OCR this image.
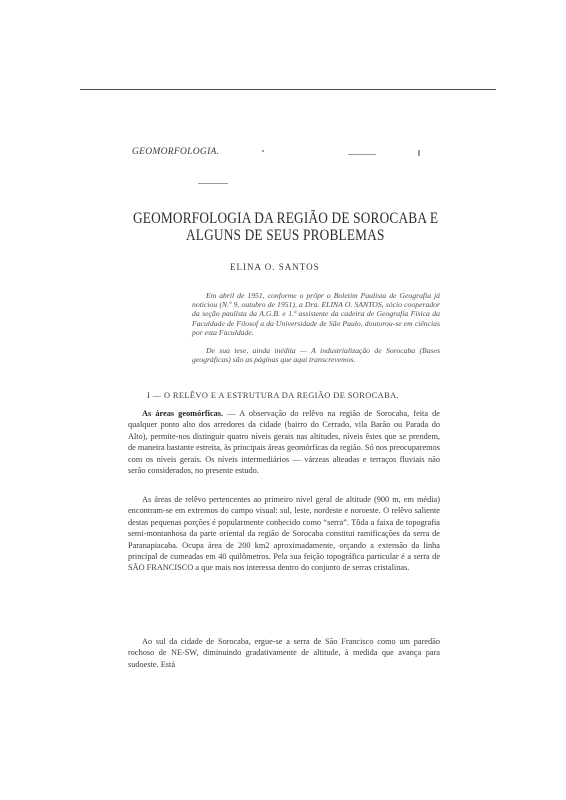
GEOMORFOLOGIA.
GEOMORFOLOGIA DA REGIÃO DE SOROCABA E
ALGUNS DE SEUS PROBLEMAS
ELINA O. SANTOS
Em abril de 1951, conforme o prôpr o Boletim Paulista de Geografia já noticiou (N.º 9, outubro de 1951), a Dra. ELINA O. SANTOS, sócio cooperador da seção paulista da A.G.B. e 1.ª assistente da cadeira de Geografia Física da Faculdade de Filosof a da Universidade de São Paulo, doutorou-se em ciências por esta Faculdade.
De sua tese, ainda inédita — A industrialização de Sorocaba (Bases geográficas) são as páginas que aqui transcrevemos.
I — O RELÊVO E A ESTRUTURA DA REGIÃO DE SOROCABA.
As áreas geomórficas. — A observação do relêvo na região de Sorocaba, feita de qualquer ponto alto dos arredores da cidade (bairro do Cerrado, vila Barão ou Parada do Alto), permite-nos distinguir quatro níveis gerais nas altitudes, níveis êstes que se prendem, de maneira bastante estreita, às principais áreas geomórficas da região. Só nos preocuparemos com os níveis gerais. Os níveis intermediários — várzeas alteadas e terraços fluviais não serão considerados, no presente estudo.
As áreas de relêvo pertencentes ao primeiro nível geral de altitude (900 m, em média) encontram-se em extremos do campo visual: sul, leste, nordeste e noroeste. O relêvo saliente destas pequenas porções é popularmente conhecido como “serra”. Tôda a faixa de topografia semi-montanhosa da parte oriental da região de Sorocaba constitui ramificações da serra de Paranapiacaba. Ocupa área de 200 km2 aproximadamente, orçando a extensão da linha principal de cumeadas em 40 quilômetros. Pela sua feição topográfica particular é a serra de SÃO FRANCISCO a que mais nos interessa dentro do conjunto de serras cristalinas.
Ao sul da cidade de Sorocaba, ergue-se a serra de São Francisco como um paredão rochoso de NE-SW, diminuindo gradativamente de altitude, à medida que avança para sudoeste. Está
